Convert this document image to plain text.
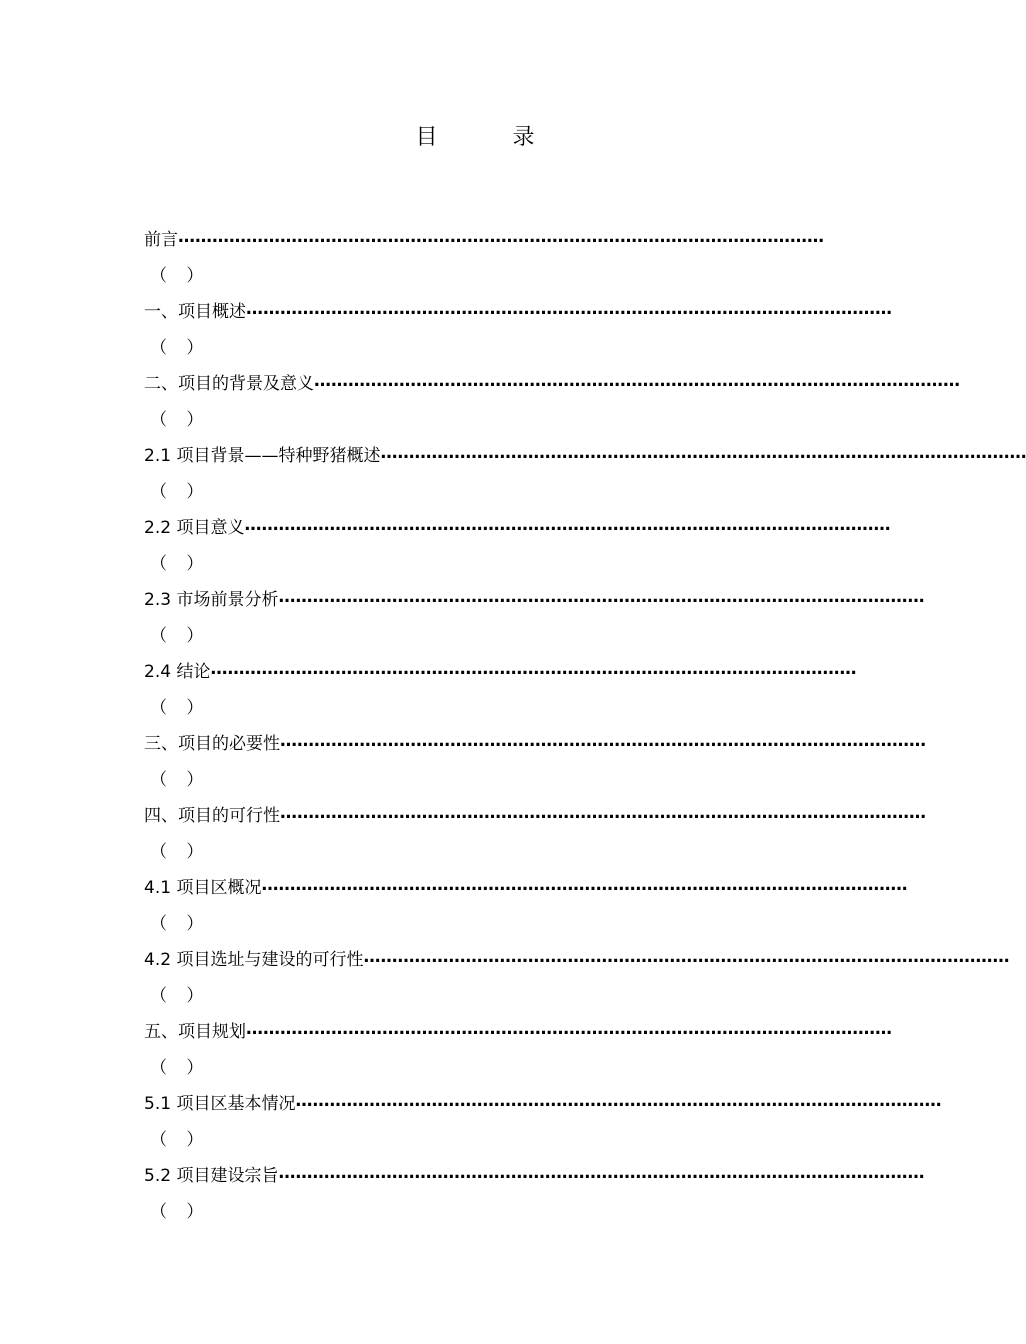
目 录
前言 ……………………………………………………………………………………………………
（ ）
一、项目概述 ……………………………………………………………………………………………………
（ ）
二、项目的背景及意义 ……………………………………………………………………………………………………
（ ）
2.1 项目背景——特种野猪概述 ……………………………………………………………………………………………………
（ ）
2.2 项目意义 ……………………………………………………………………………………………………
（ ）
2.3 市场前景分析 ……………………………………………………………………………………………………
（ ）
2.4 结论 ……………………………………………………………………………………………………
（ ）
三、项目的必要性 ……………………………………………………………………………………………………
（ ）
四、项目的可行性 ……………………………………………………………………………………………………
（ ）
4.1 项目区概况 ……………………………………………………………………………………………………
（ ）
4.2 项目选址与建设的可行性 ……………………………………………………………………………………………………
（ ）
五、项目规划 ……………………………………………………………………………………………………
（ ）
5.1 项目区基本情况 ……………………………………………………………………………………………………
（ ）
5.2 项目建设宗旨 ……………………………………………………………………………………………………
（ ）
